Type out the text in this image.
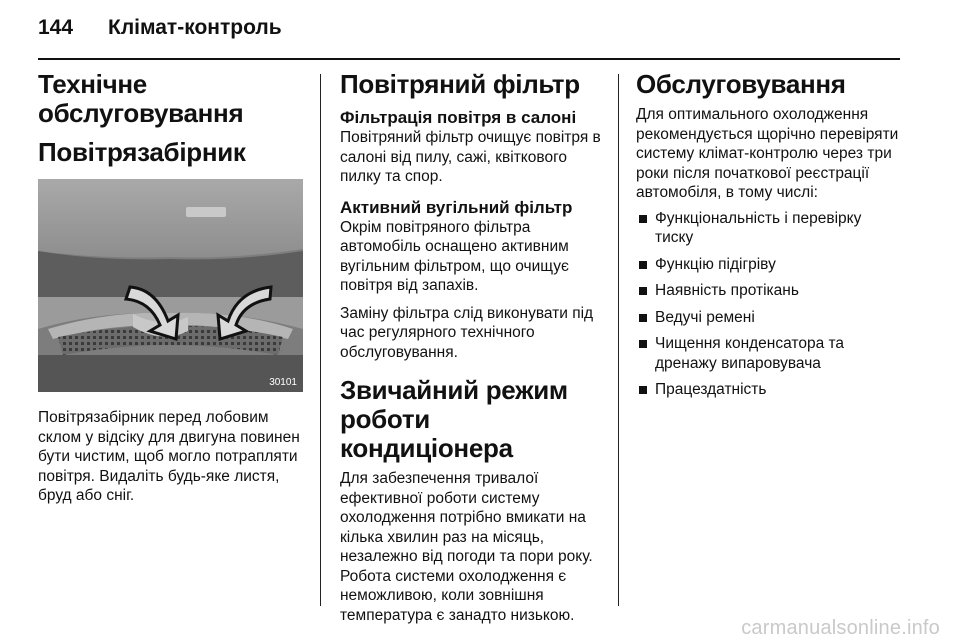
144 Клімат-контроль
Технічне обслуговування
Повітрязабірник
30101

Повітрязабірник перед лобовим склом у відсіку для двигуна повинен бути чистим, щоб могло потрапляти повітря. Видаліть будь-яке листя, бруд або сніг.

Повітряний фільтр
Фільтрація повітря в салоні

Повітряний фільтр очищує повітря в салоні від пилу, сажі, квіткового пилку та спор.

Активний вугільний фільтр

Окрім повітряного фільтра автомобіль оснащено активним вугільним фільтром, що очищує повітря від запахів.

Заміну фільтра слід виконувати під час регулярного технічного обслуговування.

Звичайний режим роботи кондиціонера

Для забезпечення тривалої ефективної роботи систему охолодження потрібно вмикати на кілька хвилин раз на місяць, незалежно від погоди та пори року. Робота системи охолодження є неможливою, коли зовнішня температура є занадто низькою.

Обслуговування

Для оптимального охолодження рекомендується щорічно перевіряти систему клімат-контролю через три роки після початкової реєстрації автомобіля, в тому числі:

Функціональність і перевірку тиску
Функцію підігріву
Наявність протікань
Ведучі ремені
Чищення конденсатора та дренажу випаровувача
Працездатність
carmanualsonline.info
